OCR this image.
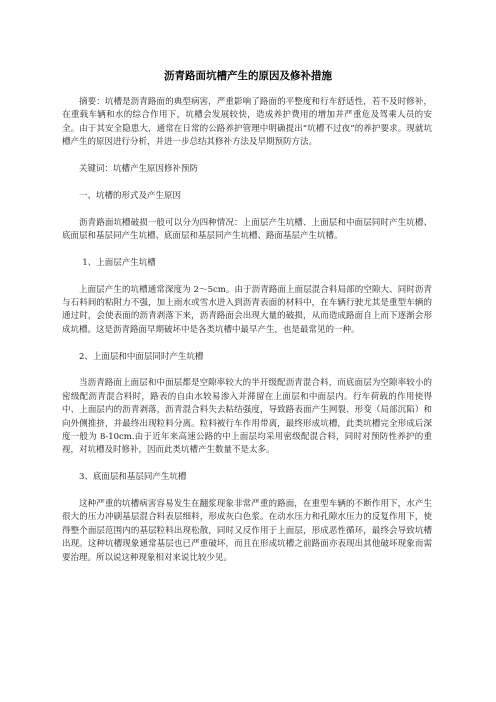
沥青路面坑槽产生的原因及修补措施

摘要：坑槽是沥青路面的典型病害，严重影响了路面的平整度和行车舒适性，若不及时修补，在重载车辆和水的综合作用下，坑槽会发展较快，造成养护费用的增加并严重危及驾乘人员的安全。由于其安全隐患大，通常在日常的公路养护管理中明确提出“坑槽不过夜”的养护要求。现就坑槽产生的原因进行分析，并进一步总结其修补方法及早期预防方法。

关键词：坑槽产生原因修补预防

一、坑槽的形式及产生原因

沥青路面坑槽破损一般可以分为四种情况：上面层产生坑槽、上面层和中面层同时产生坑槽、底面层和基层同产生坑槽、底面层和基层同产生坑槽、路面基层产生坑槽。

1、上面层产生坑槽

上面层产生的坑槽通常深度为 2～5cm。由于沥青路面上面层混合料局部的空隙大、同时沥青与石料间的粘附力不强，加上雨水或雪水进入到沥青表面的材料中，在车辆行驶尤其是重型车辆的通过时，会使表面的沥青剥落下来，沥青路面会出现大量的破损，从而造成路面自上而下逐渐会形成坑槽。这是沥青路面早期破坏中是各类坑槽中最早产生，也是最常见的一种。

2、上面层和中面层同时产生坑槽

当沥青路面上面层和中面层都是空隙率较大的半开级配沥青混合料，而底面层为空隙率较小的密级配沥青混合料时，路表的自由水较易渗入并滞留在上面层和中面层内。行车荷载的作用使得中、上面层内的沥青剥落，沥青混合料失去粘结强度，导致路表面产生网裂、形变（局部沉陷）和向外侧推挤，并最终出现粒料分离。粒料被行车作用带离，最终形成坑槽，此类坑槽完全形成后深度一般为 8-10cm.由于近年来高速公路的中上面层均采用密级配混合料，同时对预防性养护的重视，对坑槽及时修补，因而此类坑槽产生数量不是太多。

3、底面层和基层同产生坑槽

这种严重的坑槽病害容易发生在翻浆现象非常严重的路面，在重型车辆的不断作用下，水产生很大的压力冲刷基层混合料表层细料，形成灰白色浆。在动水压力和孔隙水压力的反复作用下，使得整个面层范围内的基层粒料出现松散，同时又反作用于上面层，形成恶性循环，最终会导致坑槽出现。这种坑槽现象通常基层也已严重破坏，而且在形成坑槽之前路面亦表现出其他破坏现象而需要治理。所以说这种现象相对来说比较少见。
